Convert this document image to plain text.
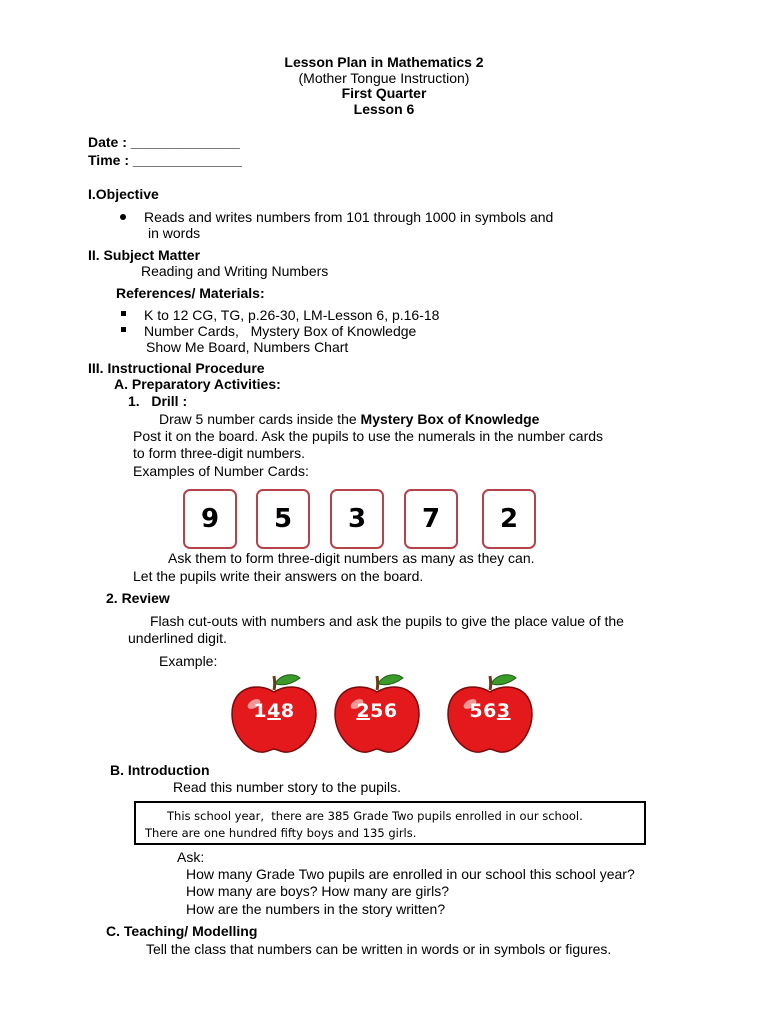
Lesson Plan in Mathematics 2
(Mother Tongue Instruction)
First Quarter
Lesson 6
Date : ______________
Time : ______________
I.Objective
Reads and writes numbers from 101 through 1000 in symbols and
in words
II. Subject Matter
Reading and Writing Numbers
References/ Materials:
K to 12 CG, TG, p.26-30, LM-Lesson 6, p.16-18
Number Cards,   Mystery Box of Knowledge
Show Me Board, Numbers Chart
III. Instructional Procedure
A. Preparatory Activities:
1.   Drill :
Draw 5 number cards inside the Mystery Box of Knowledge
Post it on the board. Ask the pupils to use the numerals in the number cards
to form three-digit numbers.
Examples of Number Cards:
9	5	3	7	2
Ask them to form three-digit numbers as many as they can.
Let the pupils write their answers on the board.
2. Review
Flash cut-outs with numbers and ask the pupils to give the place value of the
underlined digit.
Example:
148	256	563
B. Introduction
Read this number story to the pupils.
This school year,  there are 385 Grade Two pupils enrolled in our school.
There are one hundred fifty boys and 135 girls.
Ask:
How many Grade Two pupils are enrolled in our school this school year?
How many are boys? How many are girls?
How are the numbers in the story written?
C. Teaching/ Modelling
Tell the class that numbers can be written in words or in symbols or figures.
